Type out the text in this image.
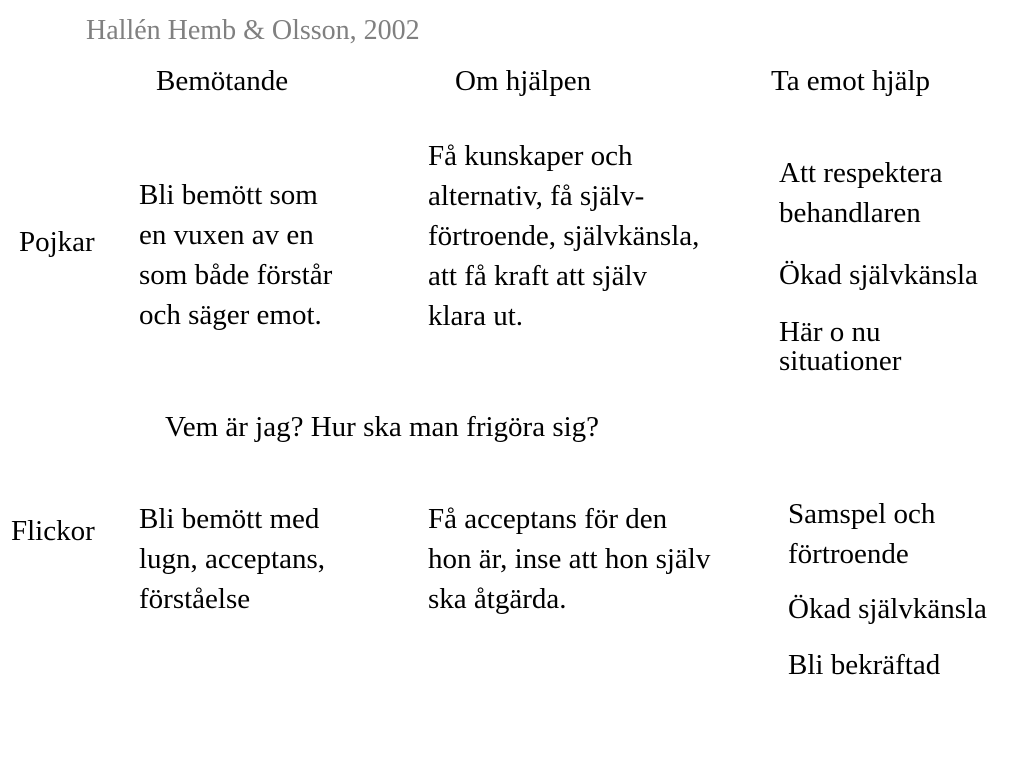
Hallén Hemb & Olsson, 2002

Bemötande	Om hjälpen	Ta emot hjälp

Pojkar

Bli bemött som
en vuxen av en
som både förstår
och säger emot.
Få kunskaper och
alternativ, få själv-
förtroende, självkänsla,
att få kraft att själv
klara ut.
Att respektera
behandlaren
Ökad självkänsla
Här o nu
situationer

Vem är jag? Hur ska man frigöra sig?

Flickor Bli bemött med
lugn, acceptans,
förståelse
Få acceptans för den
hon är, inse att hon själv
ska åtgärda.
Samspel och
förtroende
Ökad självkänsla
Bli bekräftad
